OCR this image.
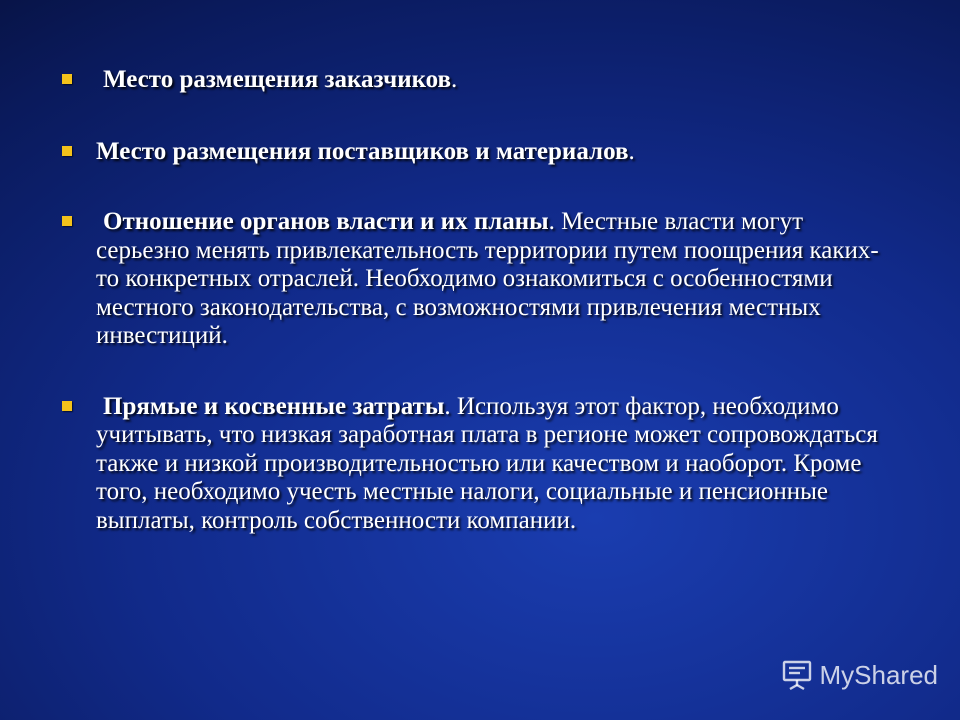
Место размещения заказчиков.
Место размещения поставщиков и материалов.
Отношение органов власти и их планы. Местные власти могут серьезно менять привлекательность территории путем поощрения каких-то конкретных отраслей. Необходимо ознакомиться с особенностями местного законодательства, с возможностями привлечения местных инвестиций.
Прямые и косвенные затраты. Используя этот фактор, необходимо учитывать, что низкая заработная плата в регионе может сопровождаться также и низкой производительностью или качеством и наоборот. Кроме того, необходимо учесть местные налоги, социальные и пенсионные выплаты, контроль собственности компании.
MyShared
